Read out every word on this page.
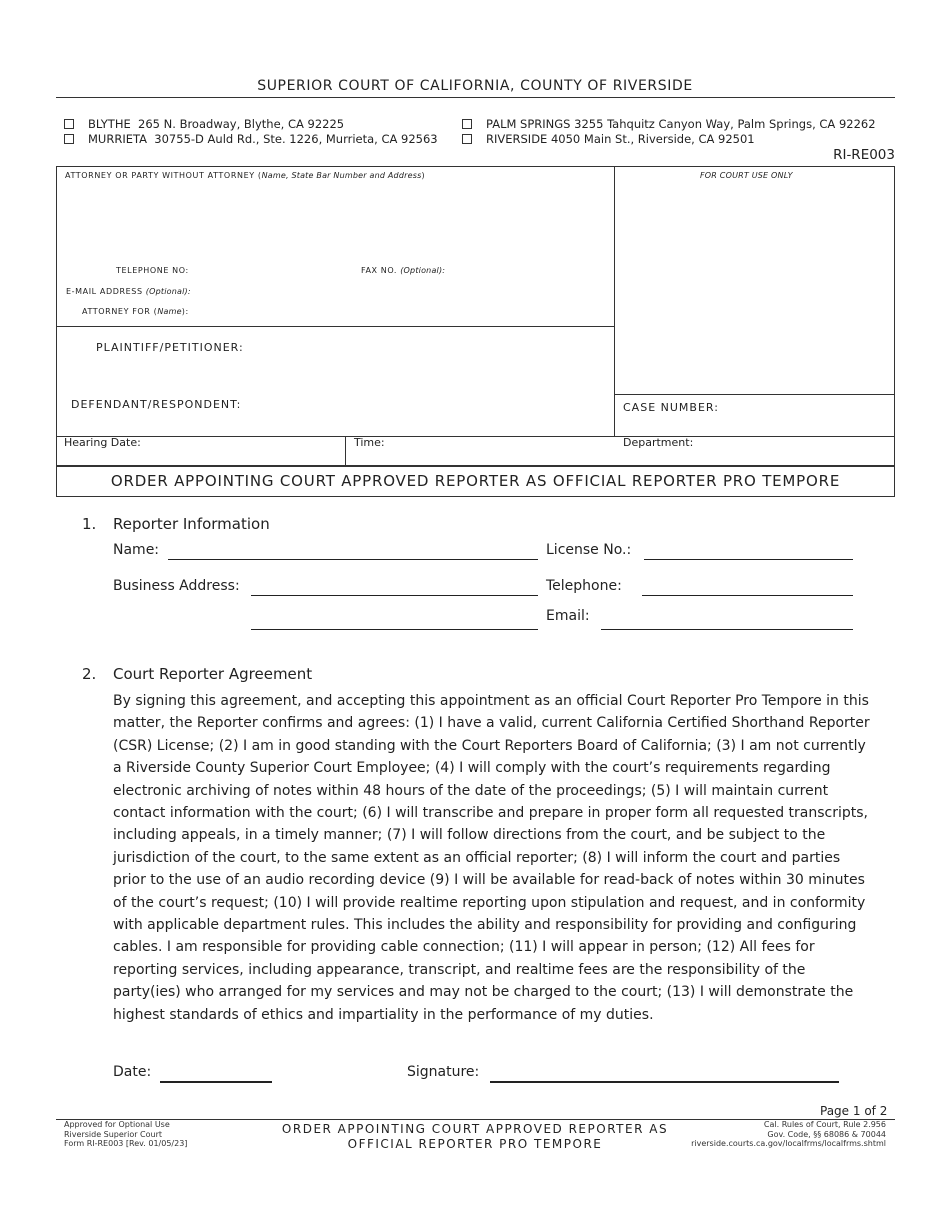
SUPERIOR COURT OF CALIFORNIA, COUNTY OF RIVERSIDE
BLYTHE 265 N. Broadway, Blythe, CA 92225
MURRIETA 30755-D Auld Rd., Ste. 1226, Murrieta, CA 92563
PALM SPRINGS 3255 Tahquitz Canyon Way, Palm Springs, CA 92262
RIVERSIDE 4050 Main St., Riverside, CA 92501
RI-RE003
ATTORNEY OR PARTY WITHOUT ATTORNEY (Name, State Bar Number and Address)	FOR COURT USE ONLY
TELEPHONE NO:	FAX NO. (Optional):
E-MAIL ADDRESS (Optional):
ATTORNEY FOR (Name):
PLAINTIFF/PETITIONER:
DEFENDANT/RESPONDENT:	CASE NUMBER:
Hearing Date:	Time:	Department:
ORDER APPOINTING COURT APPROVED REPORTER AS OFFICIAL REPORTER PRO TEMPORE
1. Reporter Information
Name:	License No.:
Business Address:	Telephone:
Email:
2. Court Reporter Agreement
By signing this agreement, and accepting this appointment as an official Court Reporter Pro Tempore in this matter, the Reporter confirms and agrees: (1) I have a valid, current California Certified Shorthand Reporter (CSR) License; (2) I am in good standing with the Court Reporters Board of California; (3) I am not currently a Riverside County Superior Court Employee; (4) I will comply with the court’s requirements regarding electronic archiving of notes within 48 hours of the date of the proceedings; (5) I will maintain current contact information with the court; (6) I will transcribe and prepare in proper form all requested transcripts, including appeals, in a timely manner; (7) I will follow directions from the court, and be subject to the jurisdiction of the court, to the same extent as an official reporter; (8) I will inform the court and parties prior to the use of an audio recording device (9) I will be available for read-back of notes within 30 minutes of the court’s request; (10) I will provide realtime reporting upon stipulation and request, and in conformity with applicable department rules. This includes the ability and responsibility for providing and configuring cables. I am responsible for providing cable connection; (11) I will appear in person; (12) All fees for reporting services, including appearance, transcript, and realtime fees are the responsibility of the party(ies) who arranged for my services and may not be charged to the court; (13) I will demonstrate the highest standards of ethics and impartiality in the performance of my duties.
Date:	Signature:
Page 1 of 2
Approved for Optional Use
Riverside Superior Court
Form RI-RE003 [Rev. 01/05/23]
ORDER APPOINTING COURT APPROVED REPORTER AS
OFFICIAL REPORTER PRO TEMPORE
Cal. Rules of Court, Rule 2.956
Gov. Code, §§ 68086 & 70044
riverside.courts.ca.gov/localfrms/localfrms.shtml
